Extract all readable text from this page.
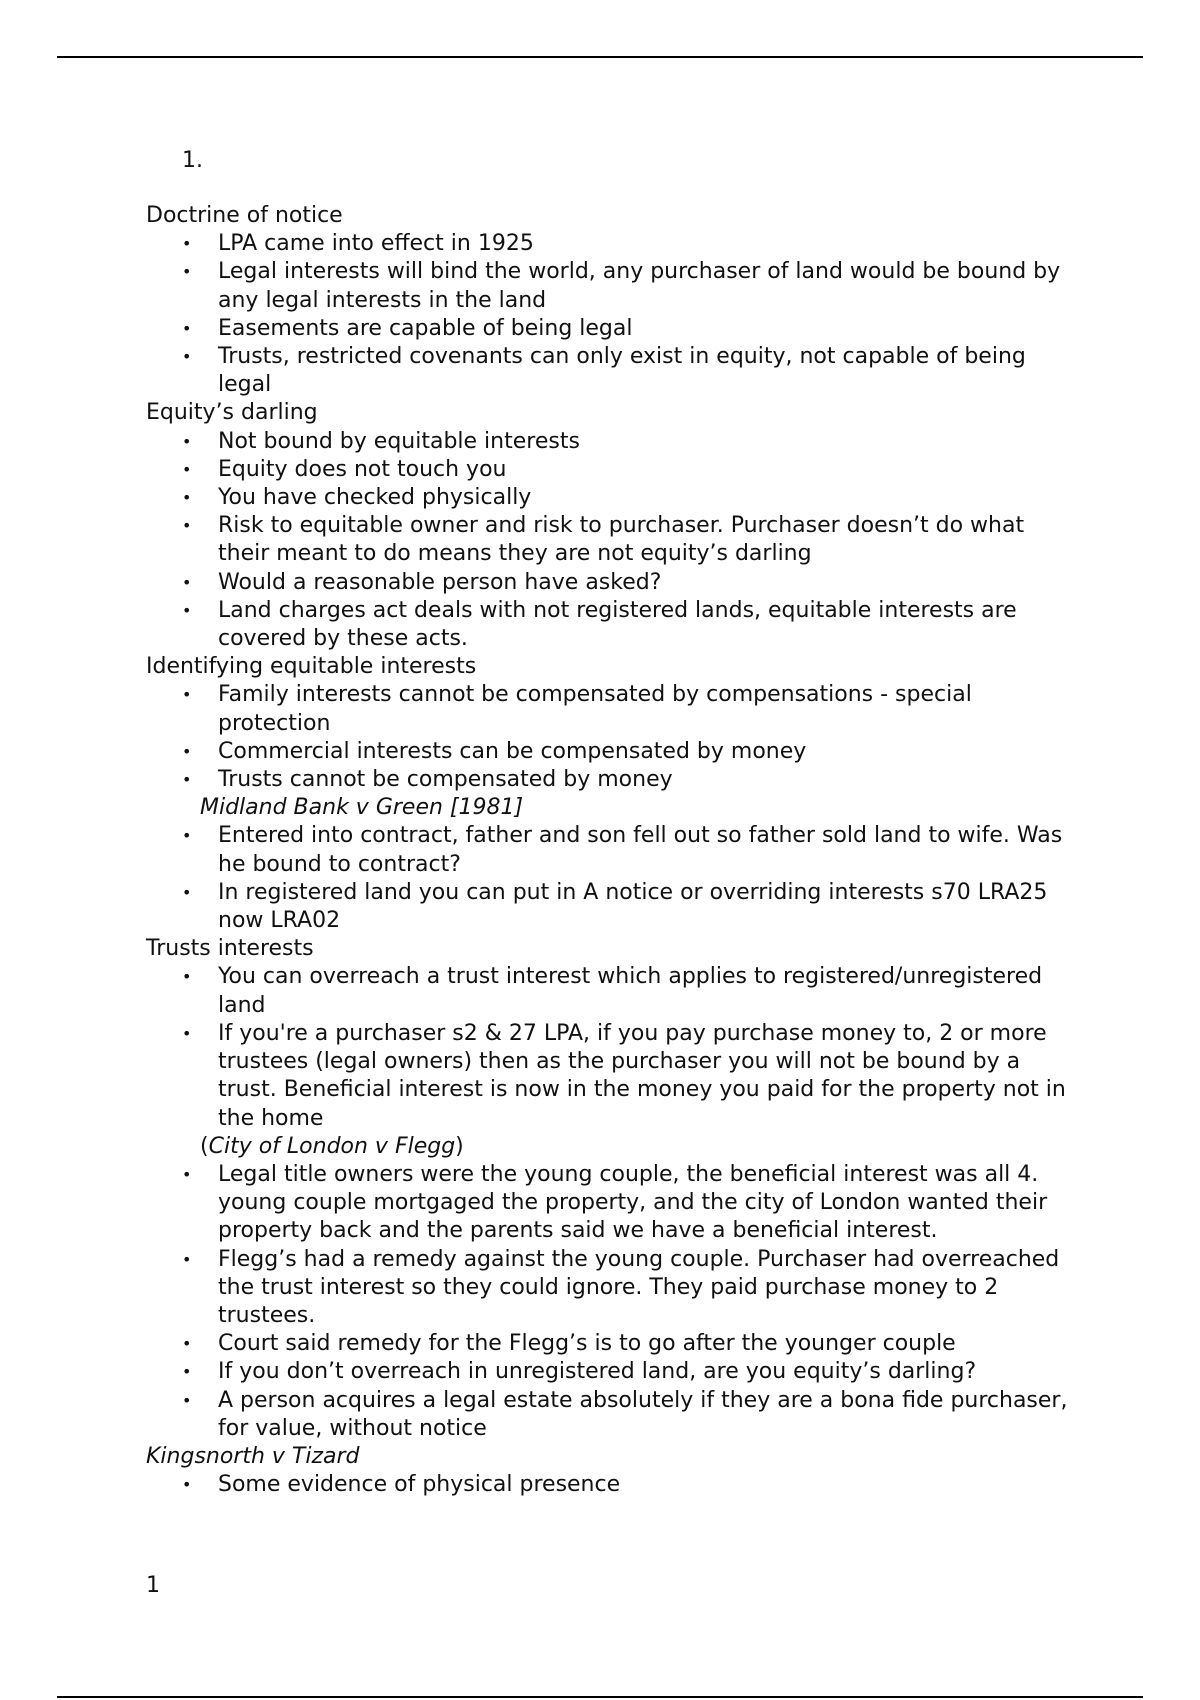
1.
Doctrine of notice
• LPA came into effect in 1925
• Legal interests will bind the world, any purchaser of land would be bound by any legal interests in the land
• Easements are capable of being legal
• Trusts, restricted covenants can only exist in equity, not capable of being legal
Equity’s darling
• Not bound by equitable interests
• Equity does not touch you
• You have checked physically
• Risk to equitable owner and risk to purchaser. Purchaser doesn’t do what their meant to do means they are not equity’s darling
• Would a reasonable person have asked?
• Land charges act deals with not registered lands, equitable interests are covered by these acts.
Identifying equitable interests
• Family interests cannot be compensated by compensations - special protection
• Commercial interests can be compensated by money
• Trusts cannot be compensated by money
Midland Bank v Green [1981]
• Entered into contract, father and son fell out so father sold land to wife. Was he bound to contract?
• In registered land you can put in A notice or overriding interests s70 LRA25 now LRA02
Trusts interests
• You can overreach a trust interest which applies to registered/unregistered land
• If you're a purchaser s2 & 27 LPA, if you pay purchase money to, 2 or more trustees (legal owners) then as the purchaser you will not be bound by a trust. Beneficial interest is now in the money you paid for the property not in the home
(City of London v Flegg)
• Legal title owners were the young couple, the beneficial interest was all 4. young couple mortgaged the property, and the city of London wanted their property back and the parents said we have a beneficial interest.
• Flegg’s had a remedy against the young couple. Purchaser had overreached the trust interest so they could ignore. They paid purchase money to 2 trustees.
• Court said remedy for the Flegg’s is to go after the younger couple
• If you don’t overreach in unregistered land, are you equity’s darling?
• A person acquires a legal estate absolutely if they are a bona fide purchaser, for value, without notice
Kingsnorth v Tizard
• Some evidence of physical presence
1
